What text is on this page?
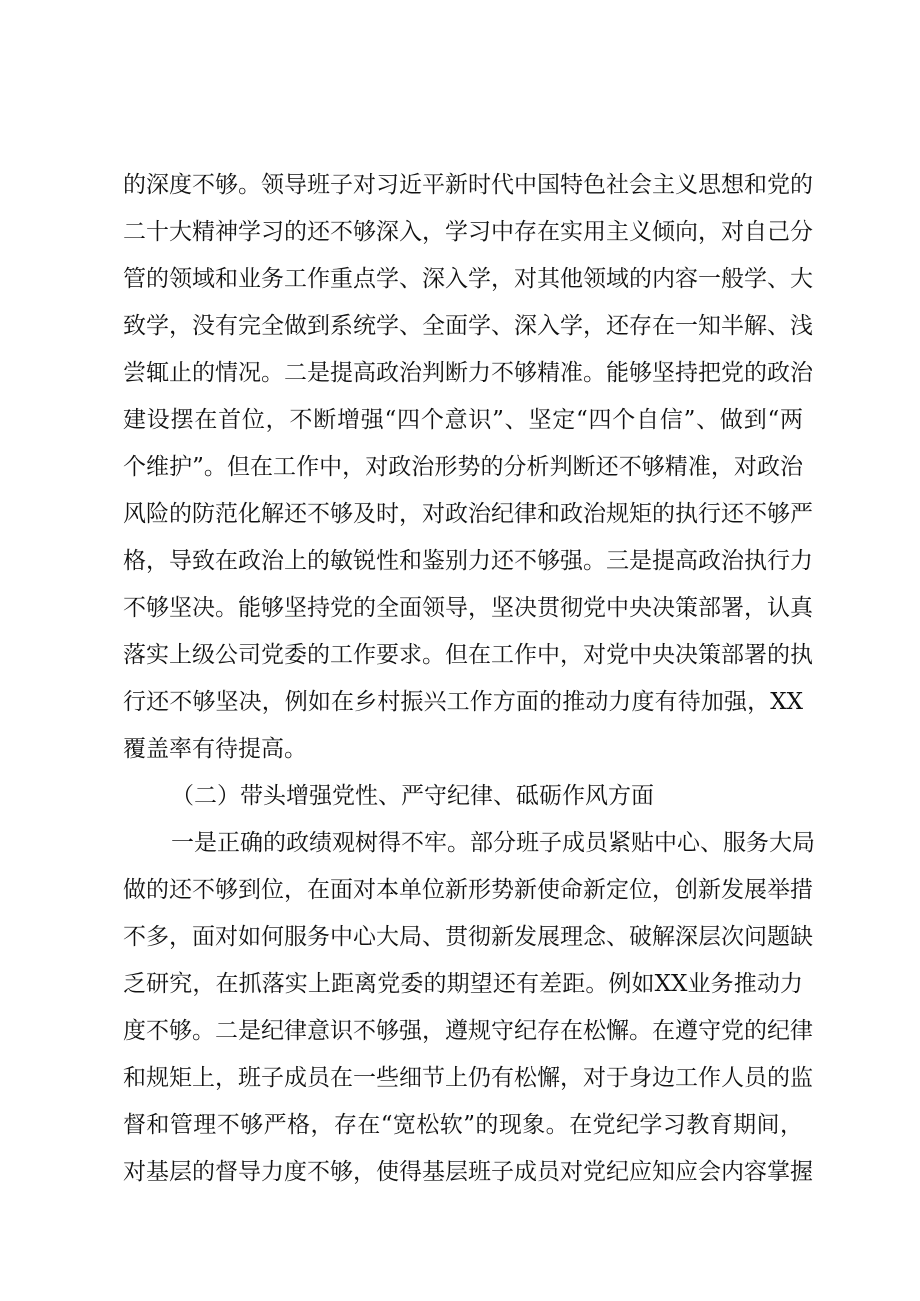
的深度不够。领导班子对习近平新时代中国特色社会主义思想和党的
二十大精神学习的还不够深入，学习中存在实用主义倾向，对自己分
管的领域和业务工作重点学、深入学，对其他领域的内容一般学、大
致学，没有完全做到系统学、全面学、深入学，还存在一知半解、浅
尝辄止的情况。二是提高政治判断力不够精准。能够坚持把党的政治
建设摆在首位，不断增强“四个意识”、坚定“四个自信”、做到“两
个维护”。但在工作中，对政治形势的分析判断还不够精准，对政治
风险的防范化解还不够及时，对政治纪律和政治规矩的执行还不够严
格，导致在政治上的敏锐性和鉴别力还不够强。三是提高政治执行力
不够坚决。能够坚持党的全面领导，坚决贯彻党中央决策部署，认真
落实上级公司党委的工作要求。但在工作中，对党中央决策部署的执
行还不够坚决，例如在乡村振兴工作方面的推动力度有待加强，XX
覆盖率有待提高。
（二）带头增强党性、严守纪律、砥砺作风方面
一是正确的政绩观树得不牢。部分班子成员紧贴中心、服务大局
做的还不够到位，在面对本单位新形势新使命新定位，创新发展举措
不多，面对如何服务中心大局、贯彻新发展理念、破解深层次问题缺
乏研究，在抓落实上距离党委的期望还有差距。例如XX业务推动力
度不够。二是纪律意识不够强，遵规守纪存在松懈。在遵守党的纪律
和规矩上，班子成员在一些细节上仍有松懈，对于身边工作人员的监
督和管理不够严格，存在“宽松软”的现象。在党纪学习教育期间，
对基层的督导力度不够，使得基层班子成员对党纪应知应会内容掌握
